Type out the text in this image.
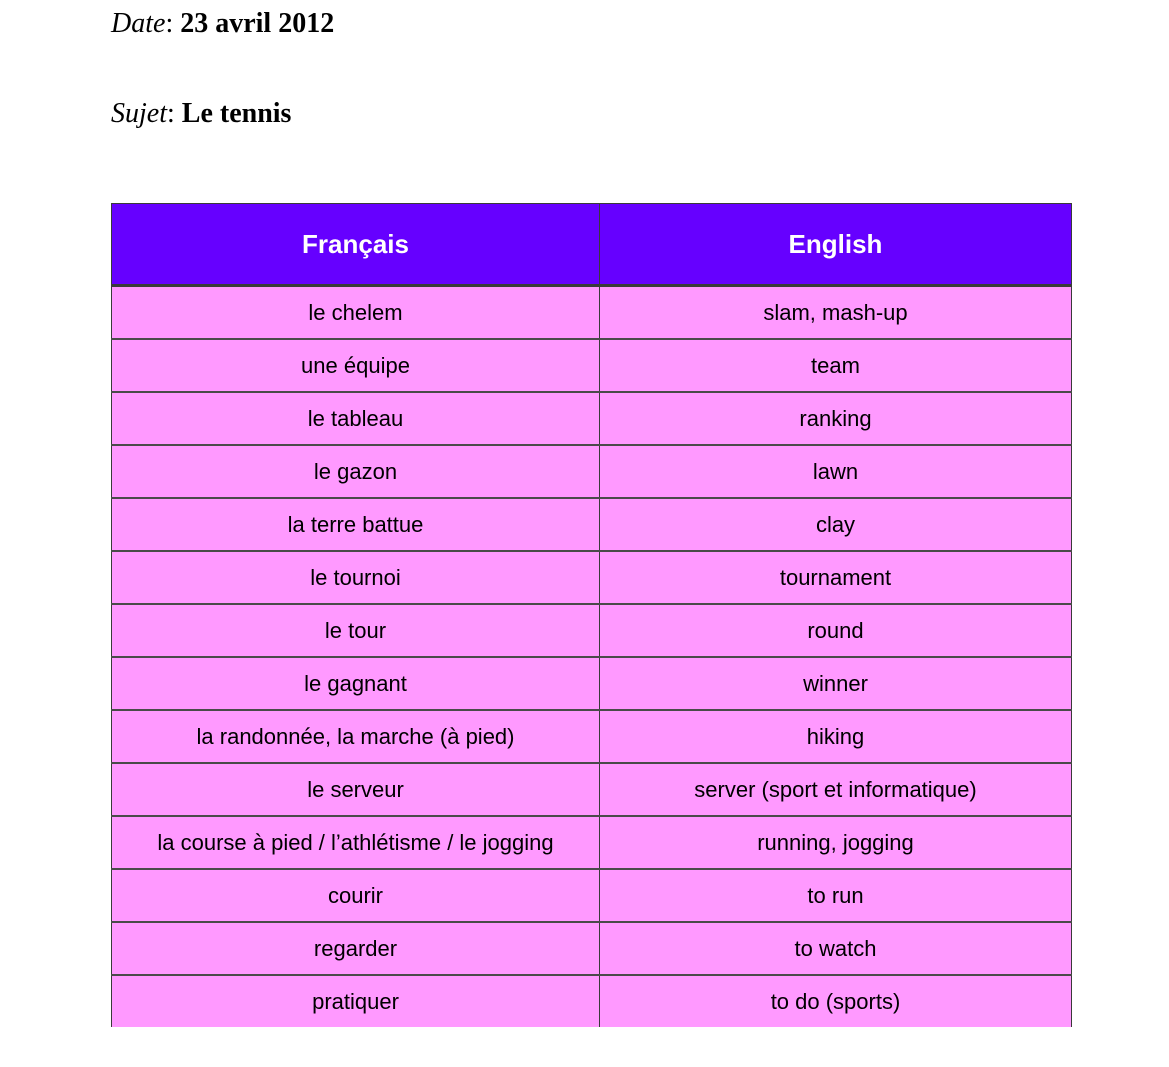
Date: 23 avril 2012
Sujet: Le tennis
Français	English
le chelem	slam, mash-up
une équipe	team
le tableau	ranking
le gazon	lawn
la terre battue	clay
le tournoi	tournament
le tour	round
le gagnant	winner
la randonnée, la marche (à pied)	hiking
le serveur	server (sport et informatique)
la course à pied / l’athlétisme / le jogging	running, jogging
courir	to run
regarder	to watch
pratiquer	to do (sports)
